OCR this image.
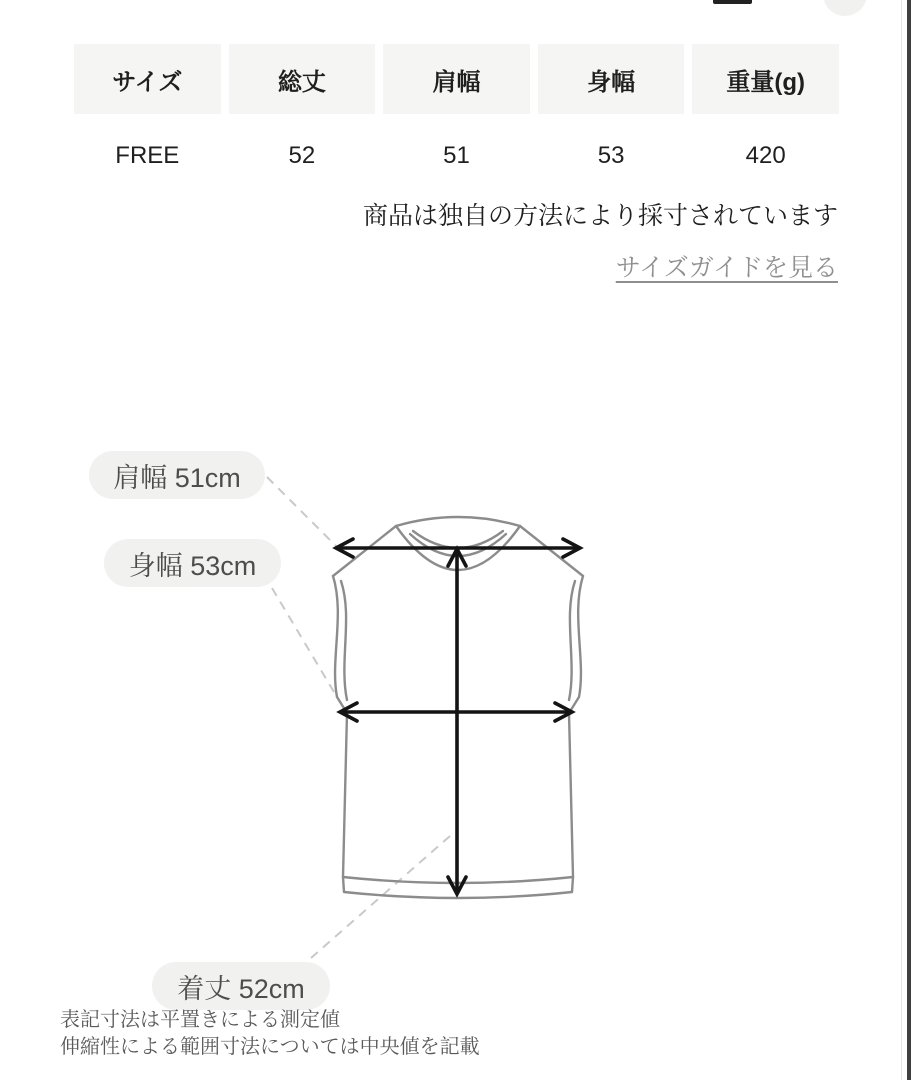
サイズ	総丈	肩幅	身幅	重量(g)
FREE	52	51	53	420
商品は独自の方法により採寸されています
サイズガイドを見る
肩幅 51cm
身幅 53cm
着丈 52cm
表記寸法は平置きによる測定値
伸縮性による範囲寸法については中央値を記載
